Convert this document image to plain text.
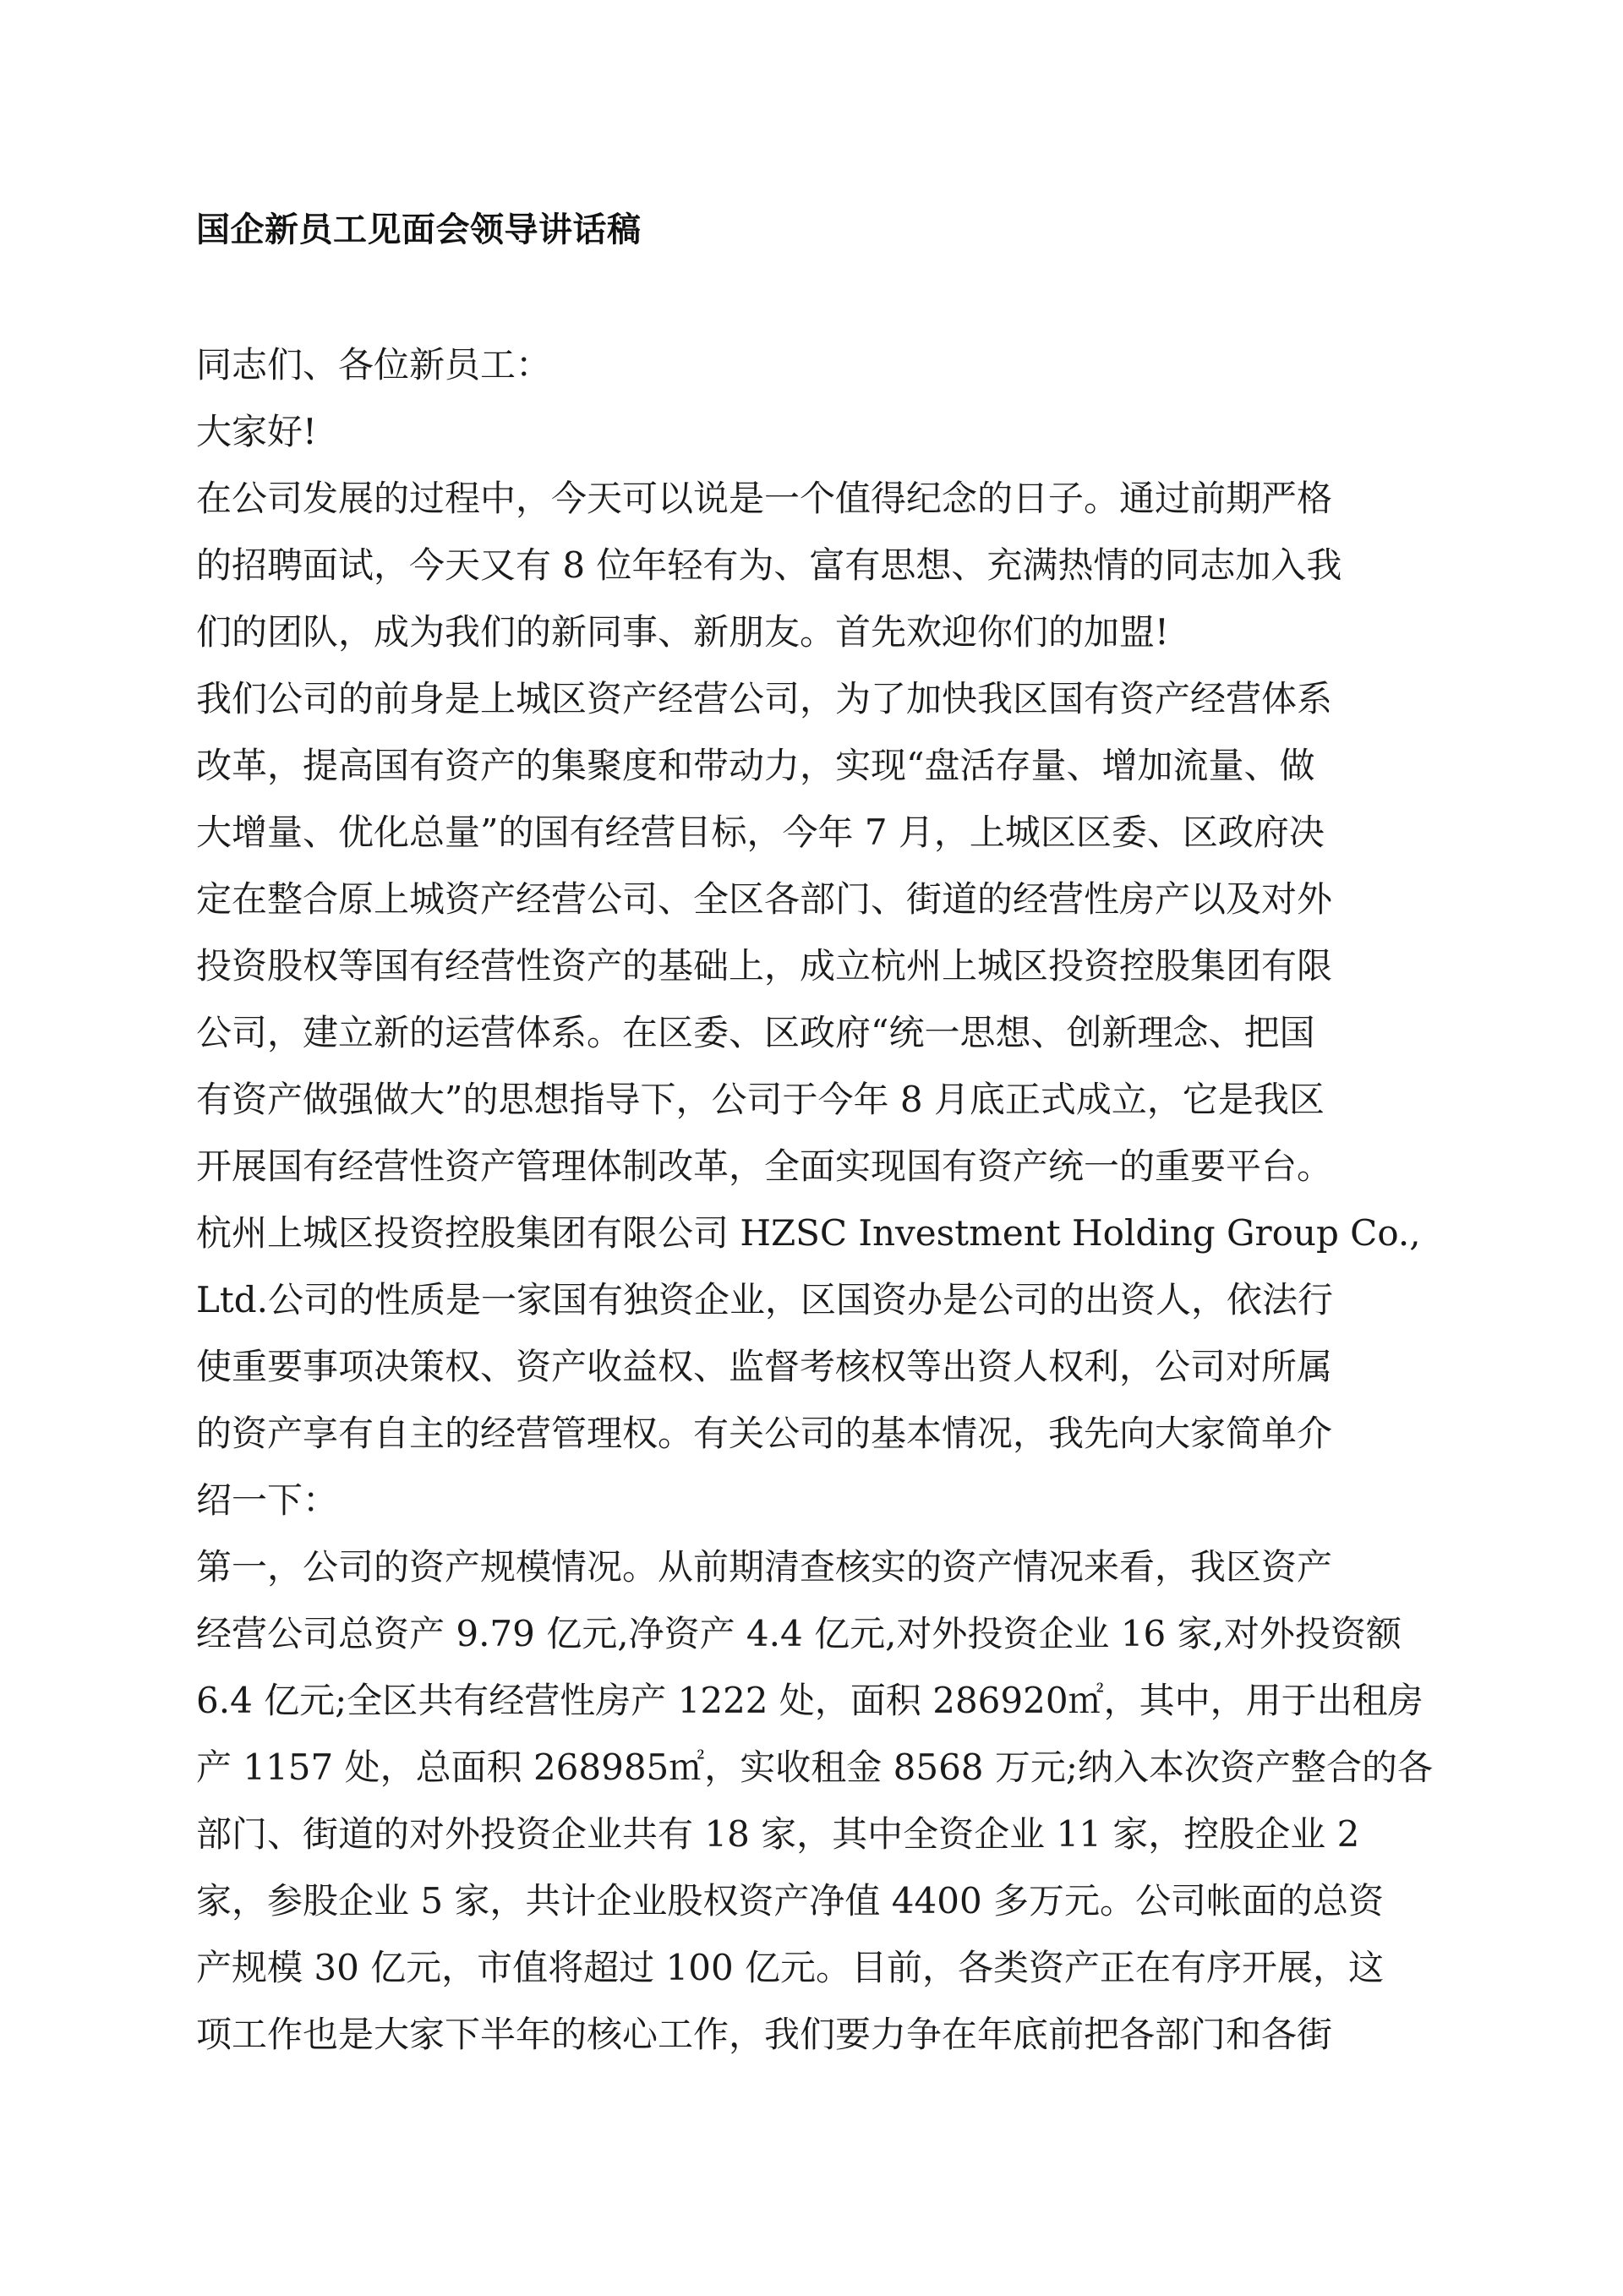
国企新员工见面会领导讲话稿
同志们、各位新员工：
大家好!
在公司发展的过程中，今天可以说是一个值得纪念的日子。通过前期严格
的招聘面试，今天又有 8 位年轻有为、富有思想、充满热情的同志加入我
们的团队，成为我们的新同事、新朋友。首先欢迎你们的加盟!
我们公司的前身是上城区资产经营公司，为了加快我区国有资产经营体系
改革，提高国有资产的集聚度和带动力，实现“盘活存量、增加流量、做
大增量、优化总量”的国有经营目标，今年 7 月，上城区区委、区政府决
定在整合原上城资产经营公司、全区各部门、街道的经营性房产以及对外
投资股权等国有经营性资产的基础上，成立杭州上城区投资控股集团有限
公司，建立新的运营体系。在区委、区政府“统一思想、创新理念、把国
有资产做强做大”的思想指导下，公司于今年 8 月底正式成立，它是我区
开展国有经营性资产管理体制改革，全面实现国有资产统一的重要平台。
杭州上城区投资控股集团有限公司 HZSC Investment Holding Group Co.,
Ltd.公司的性质是一家国有独资企业，区国资办是公司的出资人，依法行
使重要事项决策权、资产收益权、监督考核权等出资人权利，公司对所属
的资产享有自主的经营管理权。有关公司的基本情况，我先向大家简单介
绍一下：
第一，公司的资产规模情况。从前期清查核实的资产情况来看，我区资产
经营公司总资产 9.79 亿元,净资产 4.4 亿元,对外投资企业 16 家,对外投资额
6.4 亿元;全区共有经营性房产 1222 处，面积 286920㎡，其中，用于出租房
产 1157 处，总面积 268985㎡，实收租金 8568 万元;纳入本次资产整合的各
部门、街道的对外投资企业共有 18 家，其中全资企业 11 家，控股企业 2
家，参股企业 5 家，共计企业股权资产净值 4400 多万元。公司帐面的总资
产规模 30 亿元，市值将超过 100 亿元。目前，各类资产正在有序开展，这
项工作也是大家下半年的核心工作，我们要力争在年底前把各部门和各街
